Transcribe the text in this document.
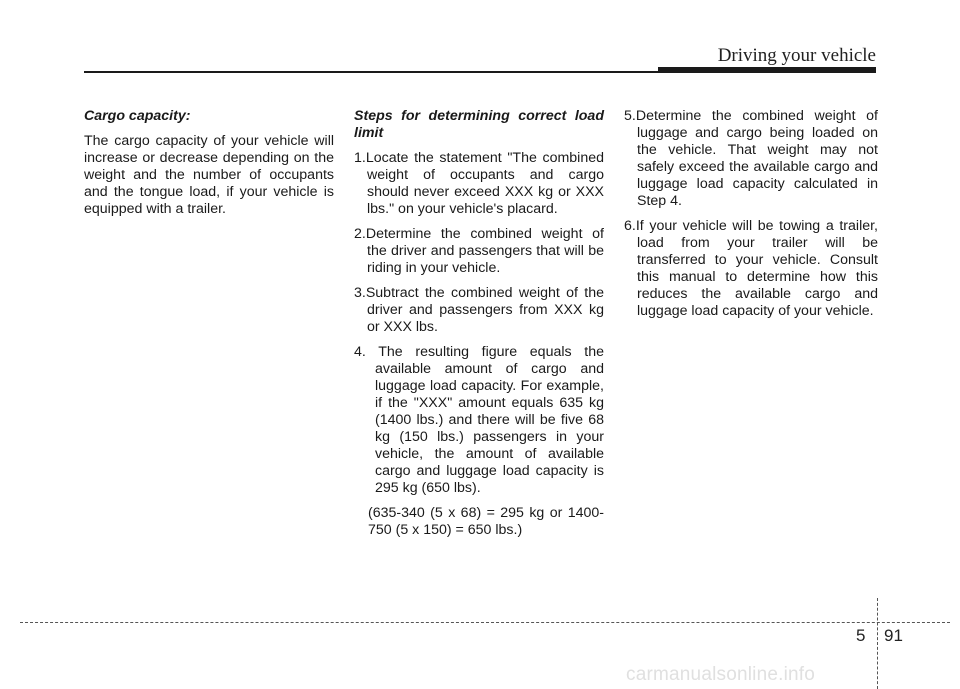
Driving your vehicle

Cargo capacity:

The cargo capacity of your vehicle will increase or decrease depending on the weight and the number of occupants and the tongue load, if your vehicle is equipped with a trailer.

Steps for determining correct load limit

1.Locate the statement "The combined weight of occupants and cargo should never exceed XXX kg or XXX lbs." on your vehicle's placard.

2.Determine the combined weight of the driver and passengers that will be riding in your vehicle.

3.Subtract the combined weight of the driver and passengers from XXX kg or XXX lbs.

4. The resulting figure equals the available amount of cargo and luggage load capacity. For example, if the "XXX" amount equals 635 kg (1400 lbs.) and there will be five 68 kg (150 lbs.) passengers in your vehicle, the amount of available cargo and luggage load capacity is 295 kg (650 lbs).

(635-340 (5 x 68) = 295 kg or 1400-750 (5 x 150) = 650 lbs.)

5.Determine the combined weight of luggage and cargo being loaded on the vehicle. That weight may not safely exceed the available cargo and luggage load capacity calculated in Step 4.

6.If your vehicle will be towing a trailer, load from your trailer will be transferred to your vehicle. Consult this manual to determine how this reduces the available cargo and luggage load capacity of your vehicle.

5 91
carmanualsonline.info
